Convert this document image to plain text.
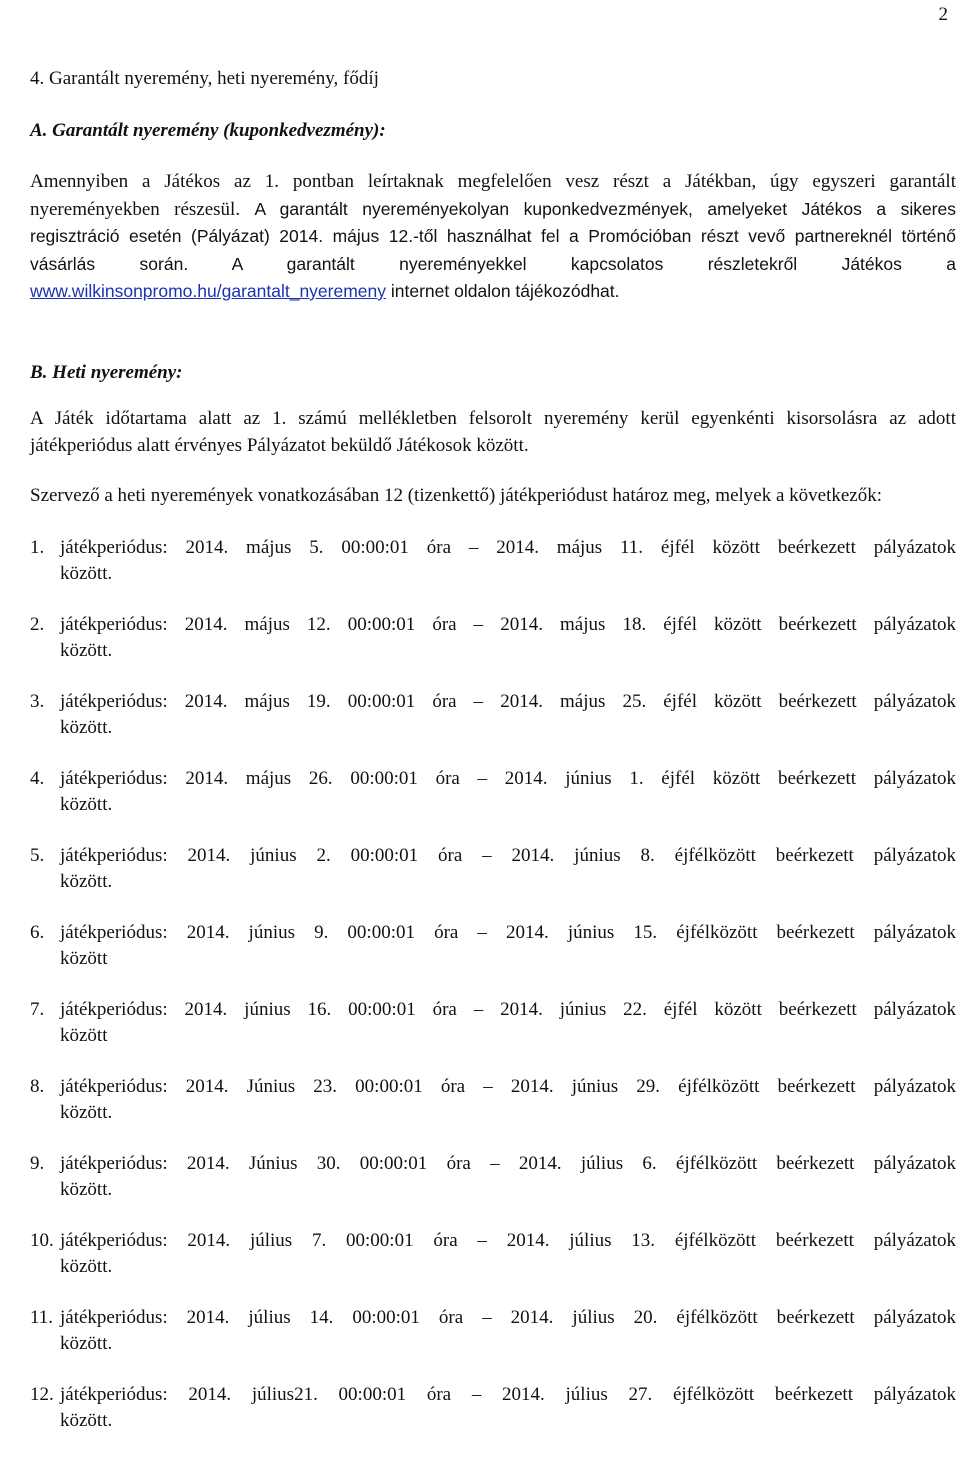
2

4. Garantált nyeremény, heti nyeremény, fődíj

A. Garantált nyeremény (kuponkedvezmény):

Amennyiben a Játékos az 1. pontban leírtaknak megfelelően vesz részt a Játékban, úgy egyszeri garantált nyereményekben részesül. A garantált nyereményekolyan kuponkedvezmények, amelyeket Játékos a sikeres regisztráció esetén (Pályázat) 2014. május 12.-től használhat fel a Promócióban részt vevő partnereknél történő vásárlás során. A garantált nyereményekkel kapcsolatos részletekről Játékos a www.wilkinsonpromo.hu/garantalt_nyeremeny internet oldalon tájékozódhat.

B. Heti nyeremény:

A Játék időtartama alatt az 1. számú mellékletben felsorolt nyeremény kerül egyenkénti kisorsolásra az adott játékperiódus alatt érvényes Pályázatot beküldő Játékosok között.

Szervező a heti nyeremények vonatkozásában 12 (tizenkettő) játékperiódust határoz meg, melyek a következők:

1. játékperiódus: 2014. május 5. 00:00:01 óra – 2014. május 11. éjfél között beérkezett pályázatok
között.
2. játékperiódus: 2014. május 12. 00:00:01 óra – 2014. május 18. éjfél között beérkezett pályázatok
között.
3. játékperiódus: 2014. május 19. 00:00:01 óra – 2014. május 25. éjfél között beérkezett pályázatok
között.
4. játékperiódus: 2014. május 26. 00:00:01 óra – 2014. június 1. éjfél között beérkezett pályázatok
között.
5. játékperiódus: 2014. június 2. 00:00:01 óra – 2014. június 8. éjfélközött beérkezett pályázatok
között.
6. játékperiódus: 2014. június 9. 00:00:01 óra – 2014. június 15. éjfélközött beérkezett pályázatok
között
7. játékperiódus: 2014. június 16. 00:00:01 óra – 2014. június 22. éjfél között beérkezett pályázatok
között
8. játékperiódus: 2014. Június 23. 00:00:01 óra – 2014. június 29. éjfélközött beérkezett pályázatok
között.
9. játékperiódus: 2014. Június 30. 00:00:01 óra – 2014. július 6. éjfélközött beérkezett pályázatok
között.
10. játékperiódus: 2014. július 7. 00:00:01 óra – 2014. július 13. éjfélközött beérkezett pályázatok
között.
11. játékperiódus: 2014. július 14. 00:00:01 óra – 2014. július 20. éjfélközött beérkezett pályázatok
között.
12. játékperiódus: 2014. július21. 00:00:01 óra – 2014. július 27. éjfélközött beérkezett pályázatok
között.
